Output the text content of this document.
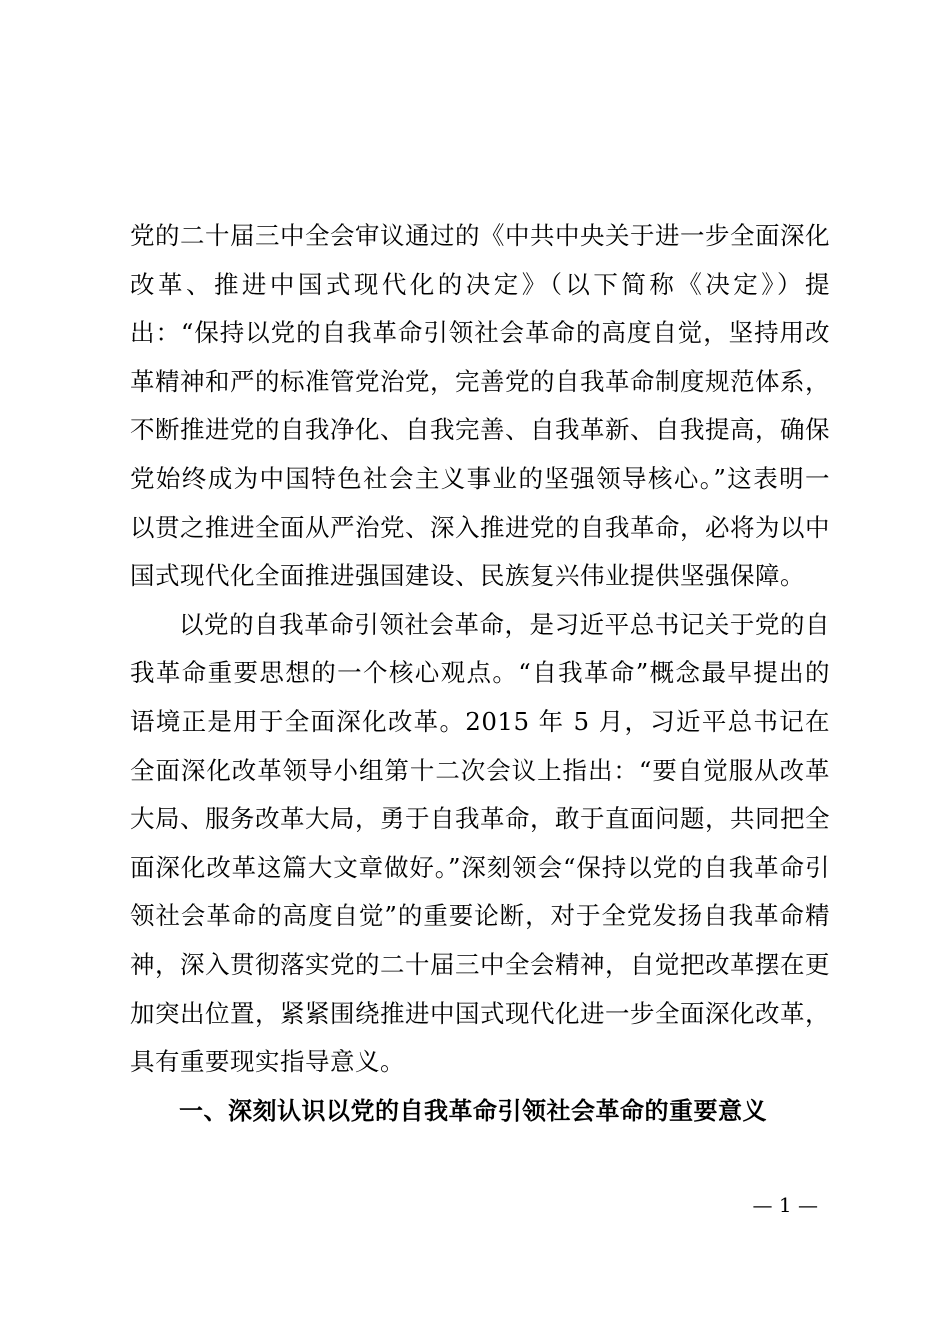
党的二十届三中全会审议通过的《中共中央关于进一步全面深化改革、推进中国式现代化的决定》（以下简称《决定》）提出：“保持以党的自我革命引领社会革命的高度自觉，坚持用改革精神和严的标准管党治党，完善党的自我革命制度规范体系，不断推进党的自我净化、自我完善、自我革新、自我提高，确保党始终成为中国特色社会主义事业的坚强领导核心。”这表明一以贯之推进全面从严治党、深入推进党的自我革命，必将为以中国式现代化全面推进强国建设、民族复兴伟业提供坚强保障。

以党的自我革命引领社会革命，是习近平总书记关于党的自我革命重要思想的一个核心观点。“自我革命”概念最早提出的语境正是用于全面深化改革。2015 年 5 月，习近平总书记在全面深化改革领导小组第十二次会议上指出：“要自觉服从改革大局、服务改革大局，勇于自我革命，敢于直面问题，共同把全面深化改革这篇大文章做好。”深刻领会“保持以党的自我革命引领社会革命的高度自觉”的重要论断，对于全党发扬自我革命精神，深入贯彻落实党的二十届三中全会精神，自觉把改革摆在更加突出位置，紧紧围绕推进中国式现代化进一步全面深化改革，具有重要现实指导意义。

一、深刻认识以党的自我革命引领社会革命的重要意义
— 1 —
